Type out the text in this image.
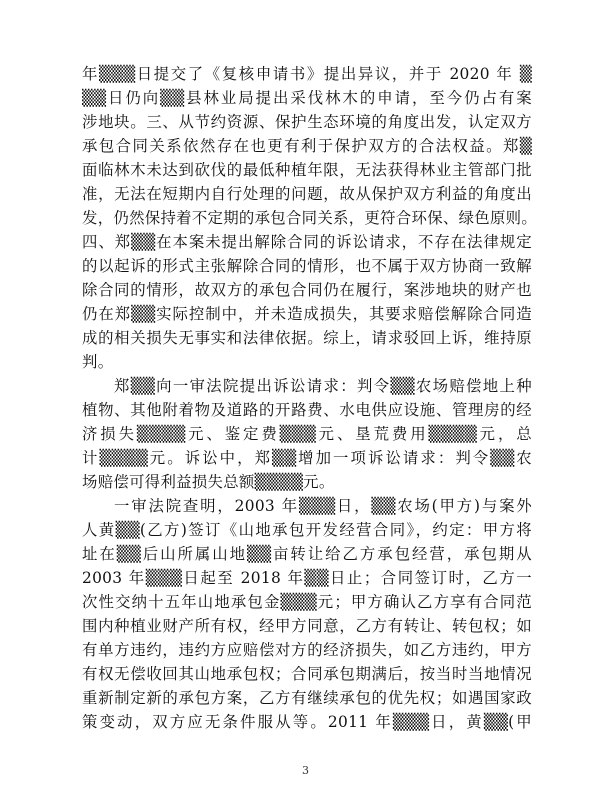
年▒▒▒日提交了《复核申请书》提出异议，并于 2020 年 ▒
▒▒日仍向▒▒县林业局提出采伐林木的申请，至今仍占有案
涉地块。三、从节约资源、保护生态环境的角度出发，认定双方
承包合同关系依然存在也更有利于保护双方的合法权益。郑▒
面临林木未达到砍伐的最低种植年限，无法获得林业主管部门批
准，无法在短期内自行处理的问题，故从保护双方利益的角度出
发，仍然保持着不定期的承包合同关系，更符合环保、绿色原则。
四、郑▒▒在本案未提出解除合同的诉讼请求，不存在法律规定
的以起诉的形式主张解除合同的情形，也不属于双方协商一致解
除合同的情形，故双方的承包合同仍在履行，案涉地块的财产也
仍在郑▒▒实际控制中，并未造成损失，其要求赔偿解除合同造
成的相关损失无事实和法律依据。综上，请求驳回上诉，维持原
判。
郑▒▒向一审法院提出诉讼请求：判令▒▒农场赔偿地上种
植物、其他附着物及道路的开路费、水电供应设施、管理房的经
济损失▒▒▒▒元、鉴定费▒▒▒元、垦荒费用▒▒▒▒元，总
计▒▒▒▒元。诉讼中，郑▒▒增加一项诉讼请求：判令▒▒农
场赔偿可得利益损失总额▒▒▒▒元。
一审法院查明，2003 年▒▒▒日，▒▒农场(甲方)与案外
人黄▒▒(乙方)签订《山地承包开发经营合同》，约定：甲方将
址在▒▒后山所属山地▒▒亩转让给乙方承包经营，承包期从
2003 年▒▒▒日起至 2018 年▒▒日止；合同签订时，乙方一
次性交纳十五年山地承包金▒▒▒元；甲方确认乙方享有合同范
围内种植业财产所有权，经甲方同意，乙方有转让、转包权；如
有单方违约，违约方应赔偿对方的经济损失，如乙方违约，甲方
有权无偿收回其山地承包权；合同承包期满后，按当时当地情况
重新制定新的承包方案，乙方有继续承包的优先权；如遇国家政
策变动，双方应无条件服从等。2011 年▒▒▒日，黄▒▒(甲
3
